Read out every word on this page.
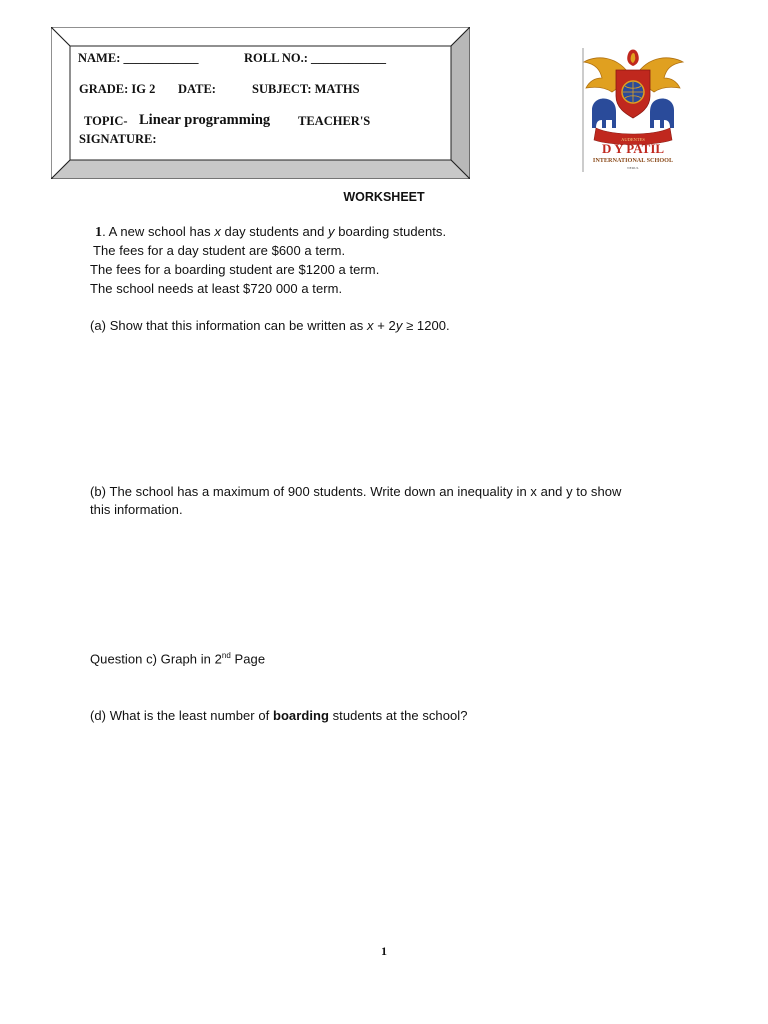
NAME: ____________	ROLL NO.: ____________
GRADE: IG 2 DATE:	SUBJECT: MATHS
TOPIC- Linear programming TEACHER'S
SIGNATURE:	AUDENTES
D Y PATIL
INTERNATIONAL SCHOOL
NERUL
WORKSHEET
1. A new school has x day students and y boarding students.
The fees for a day student are $600 a term.
The fees for a boarding student are $1200 a term.
The school needs at least $720 000 a term.
(a) Show that this information can be written as x + 2y ≥ 1200.
(b) The school has a maximum of 900 students. Write down an inequality in x and y to show
this information.
Question c) Graph in 2nd Page
(d) What is the least number of boarding students at the school?
1
